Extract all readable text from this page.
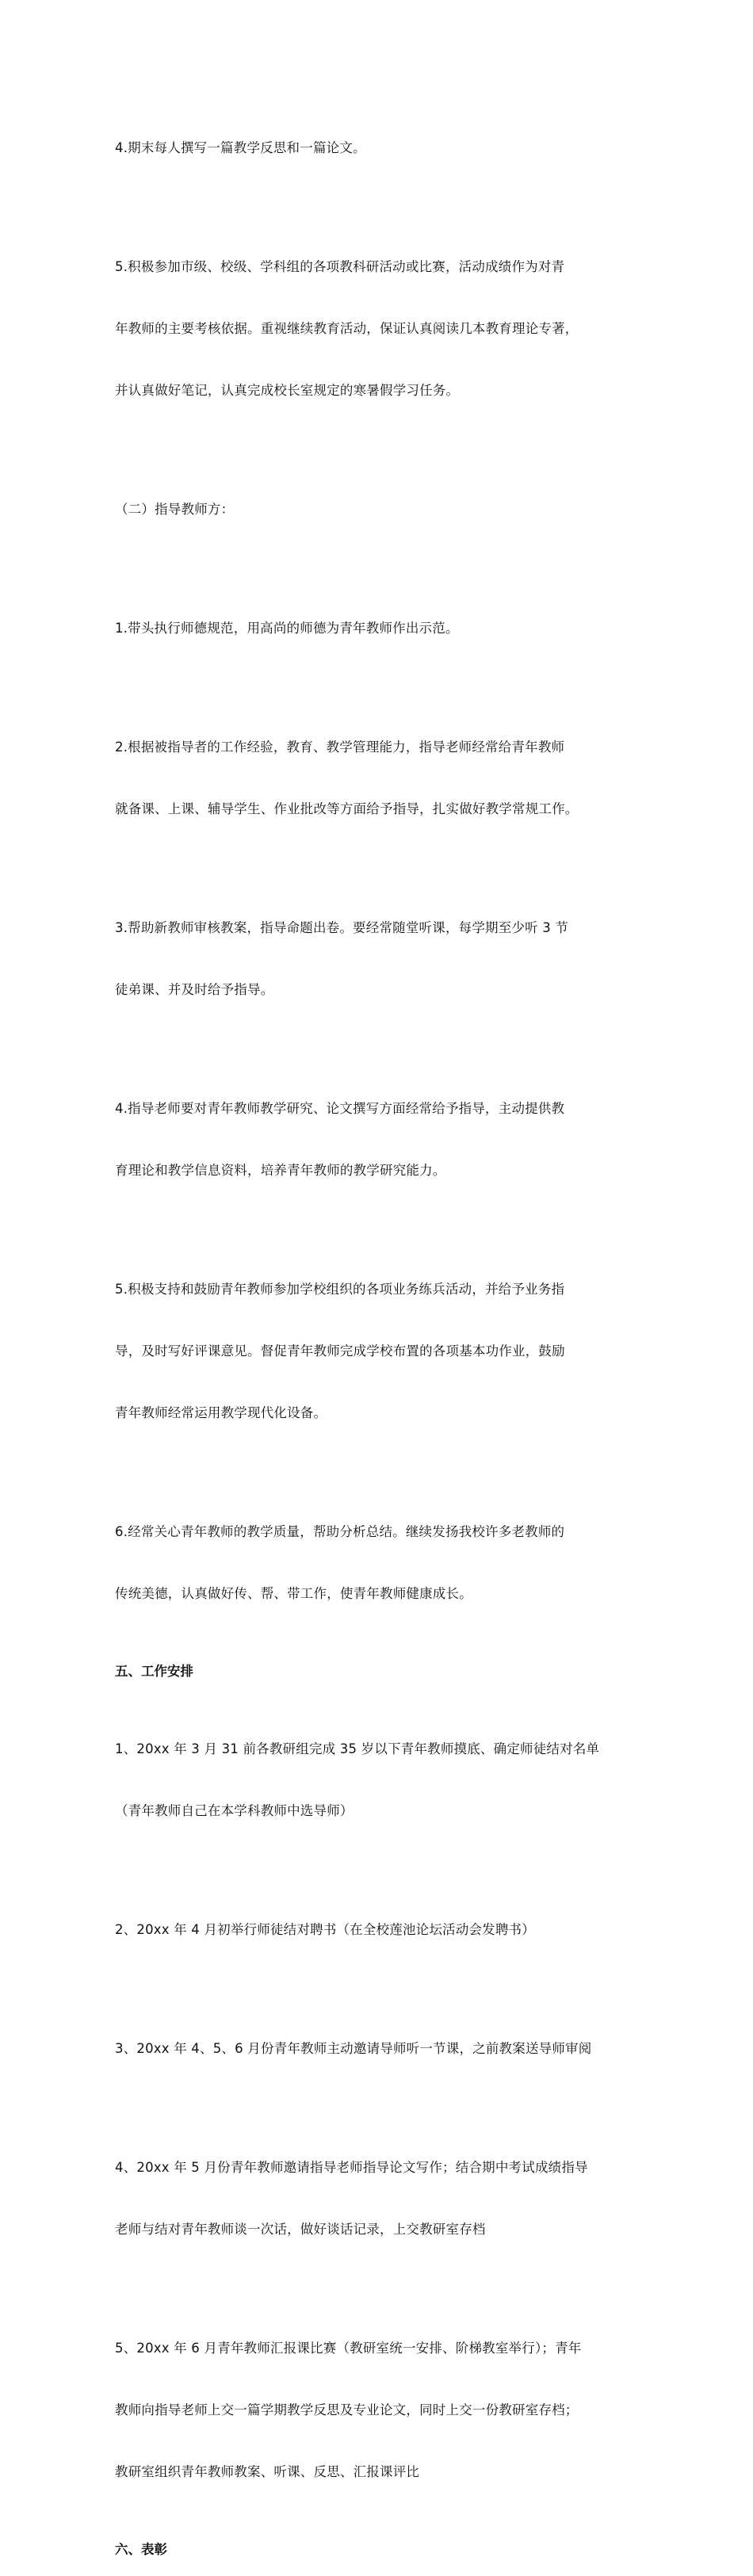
4.期末每人撰写一篇教学反思和一篇论文。

5.积极参加市级、校级、学科组的各项教科研活动或比赛，活动成绩作为对青

年教师的主要考核依据。重视继续教育活动，保证认真阅读几本教育理论专著，

并认真做好笔记，认真完成校长室规定的寒暑假学习任务。

（二）指导教师方：

1.带头执行师德规范，用高尚的师德为青年教师作出示范。

2.根据被指导者的工作经验，教育、教学管理能力，指导老师经常给青年教师

就备课、上课、辅导学生、作业批改等方面给予指导，扎实做好教学常规工作。

3.帮助新教师审核教案，指导命题出卷。要经常随堂听课，每学期至少听 3 节

徒弟课、并及时给予指导。

4.指导老师要对青年教师教学研究、论文撰写方面经常给予指导，主动提供教

育理论和教学信息资料，培养青年教师的教学研究能力。

5.积极支持和鼓励青年教师参加学校组织的各项业务练兵活动，并给予业务指

导，及时写好评课意见。督促青年教师完成学校布置的各项基本功作业，鼓励

青年教师经常运用教学现代化设备。

6.经常关心青年教师的教学质量，帮助分析总结。继续发扬我校许多老教师的

传统美德，认真做好传、帮、带工作，使青年教师健康成长。

五、工作安排

1、20xx 年 3 月 31 前各教研组完成 35 岁以下青年教师摸底、确定师徒结对名单

（青年教师自己在本学科教师中选导师）

2、20xx 年 4 月初举行师徒结对聘书（在全校莲池论坛活动会发聘书）

3、20xx 年 4、5、6 月份青年教师主动邀请导师听一节课，之前教案送导师审阅

4、20xx 年 5 月份青年教师邀请指导老师指导论文写作；结合期中考试成绩指导

老师与结对青年教师谈一次话，做好谈话记录，上交教研室存档

5、20xx 年 6 月青年教师汇报课比赛（教研室统一安排、阶梯教室举行）；青年

教师向指导老师上交一篇学期教学反思及专业论文，同时上交一份教研室存档；

教研室组织青年教师教案、听课、反思、汇报课评比

六、表彰
